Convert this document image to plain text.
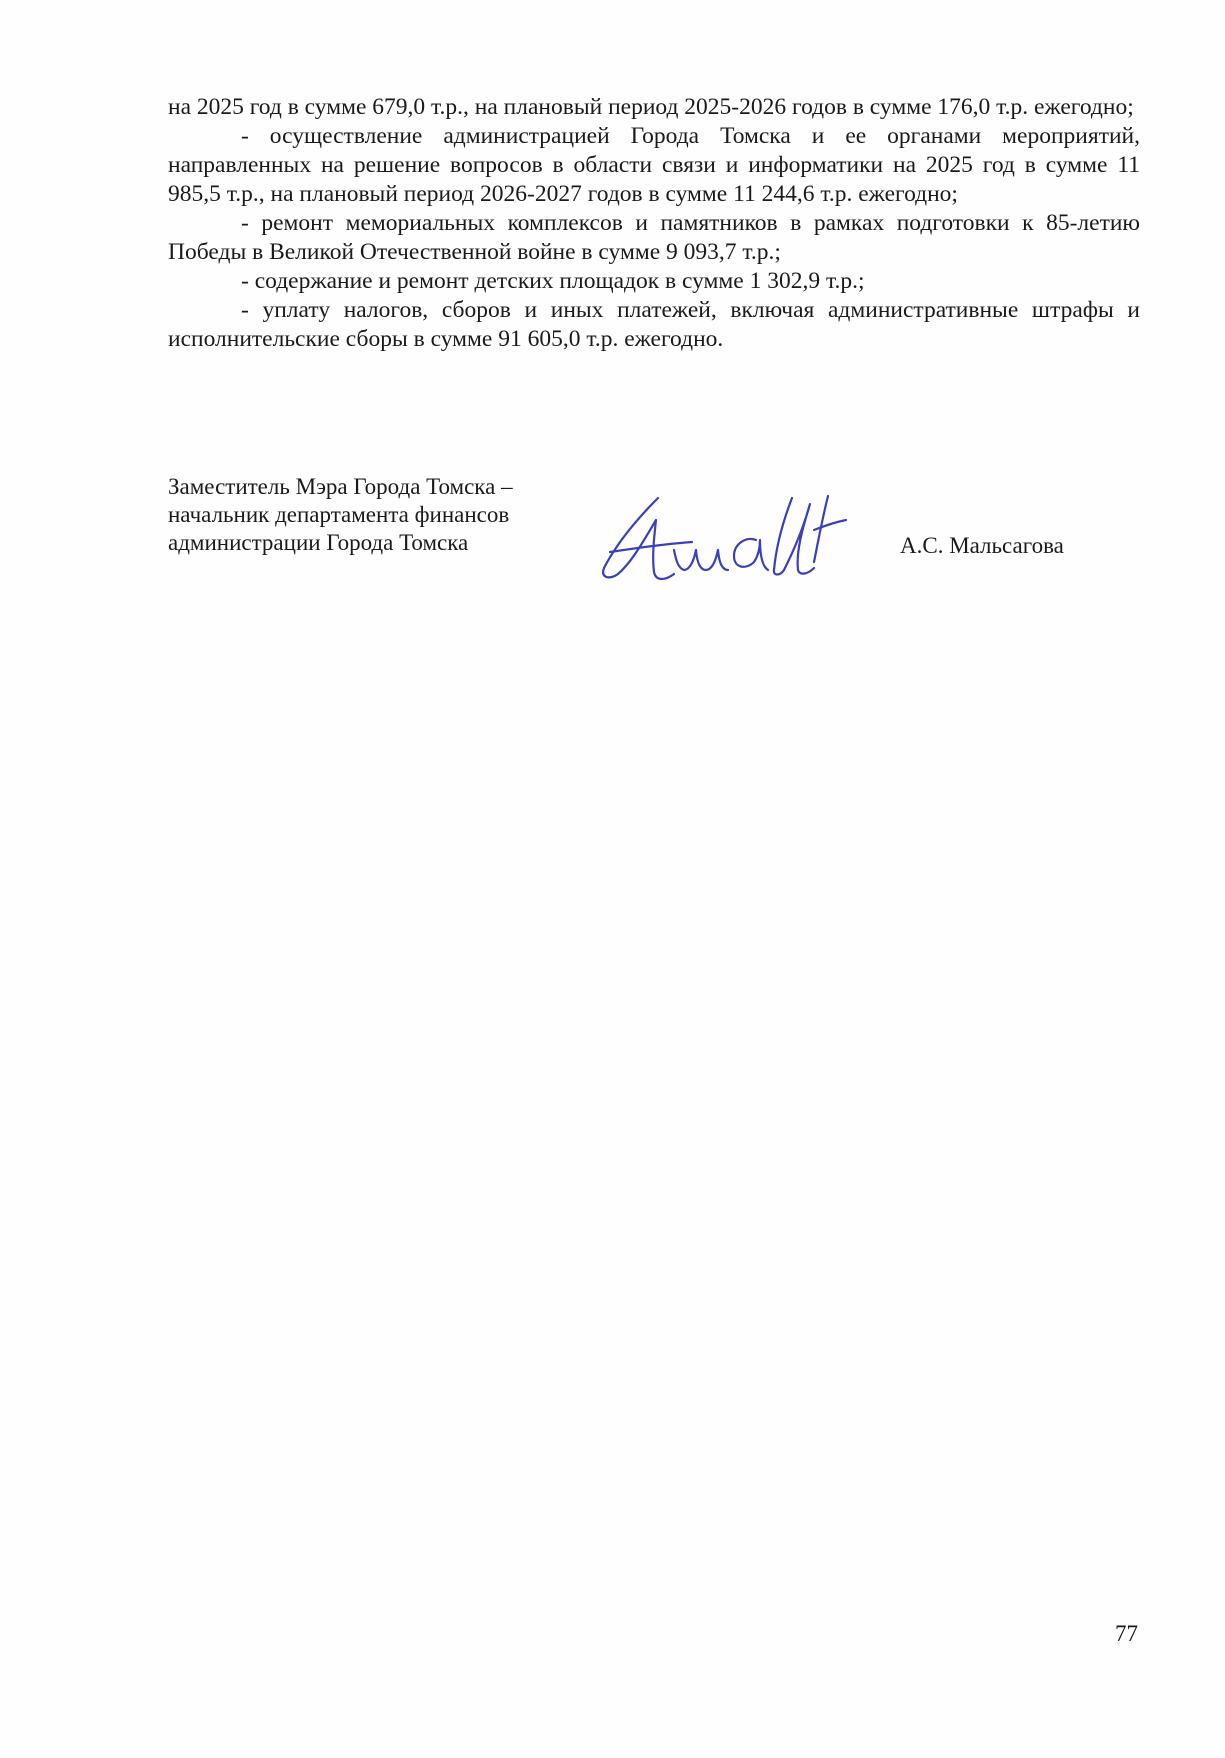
на 2025 год в сумме 679,0 т.р., на плановый период 2025-2026 годов в сумме 176,0 т.р. ежегодно;

- осуществление администрацией Города Томска и ее органами мероприятий, направленных на решение вопросов в области связи и информатики на 2025 год в сумме 11 985,5 т.р., на плановый период 2026-2027 годов в сумме 11 244,6 т.р. ежегодно;

- ремонт мемориальных комплексов и памятников в рамках подготовки к 85-летию Победы в Великой Отечественной войне в сумме 9 093,7 т.р.;

- содержание и ремонт детских площадок в сумме 1 302,9 т.р.;

- уплату налогов, сборов и иных платежей, включая административные штрафы и исполнительские сборы в сумме 91 605,0 т.р. ежегодно.

Заместитель Мэра Города Томска –
начальник департамента финансов
администрации Города Томска	А.С. Мальсагова
77
